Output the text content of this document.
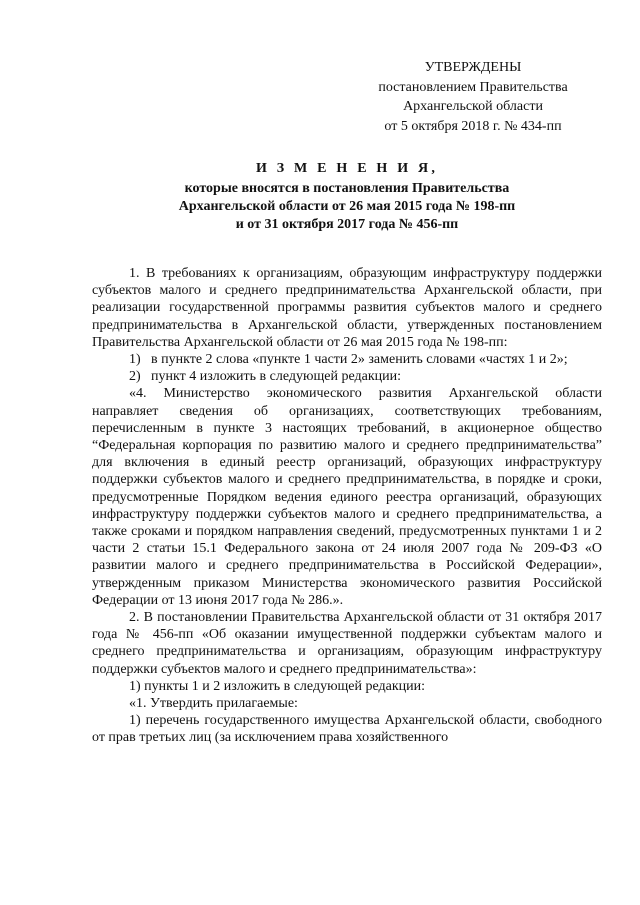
УТВЕРЖДЕНЫ
постановлением Правительства
Архангельской области
от 5 октября 2018 г. № 434-пп
И З М Е Н Е Н И Я,
которые вносятся в постановления Правительства
Архангельской области от 26 мая 2015 года № 198-пп
и от 31 октября 2017 года № 456-пп

1. В требованиях к организациям, образующим инфраструктуру поддержки субъектов малого и среднего предпринимательства Архангельской области, при реализации государственной программы развития субъектов малого и среднего предпринимательства в Архангельской области, утвержденных постановлением Правительства Архангельской области от 26 мая 2015 года № 198-пп:

1) в пункте 2 слова «пункте 1 части 2» заменить словами «частях 1 и 2»;

2) пункт 4 изложить в следующей редакции:

«4. Министерство экономического развития Архангельской области направляет сведения об организациях, соответствующих требованиям, перечисленным в пункте 3 настоящих требований, в акционерное общество “Федеральная корпорация по развитию малого и среднего предпринимательства” для включения в единый реестр организаций, образующих инфраструктуру поддержки субъектов малого и среднего предпринимательства, в порядке и сроки, предусмотренные Порядком ведения единого реестра организаций, образующих инфраструктуру поддержки субъектов малого и среднего предпринимательства, а также сроками и порядком направления сведений, предусмотренных пунктами 1 и 2 части 2 статьи 15.1 Федерального закона от 24 июля 2007 года № 209-ФЗ «О развитии малого и среднего предпринимательства в Российской Федерации», утвержденным приказом Министерства экономического развития Российской Федерации от 13 июня 2017 года № 286.».

2. В постановлении Правительства Архангельской области от 31 октября 2017 года № 456-пп «Об оказании имущественной поддержки субъектам малого и среднего предпринимательства и организациям, образующим инфраструктуру поддержки субъектов малого и среднего предпринимательства»:

1) пункты 1 и 2 изложить в следующей редакции:

«1. Утвердить прилагаемые:

1) перечень государственного имущества Архангельской области, свободного от прав третьих лиц (за исключением права хозяйственного
